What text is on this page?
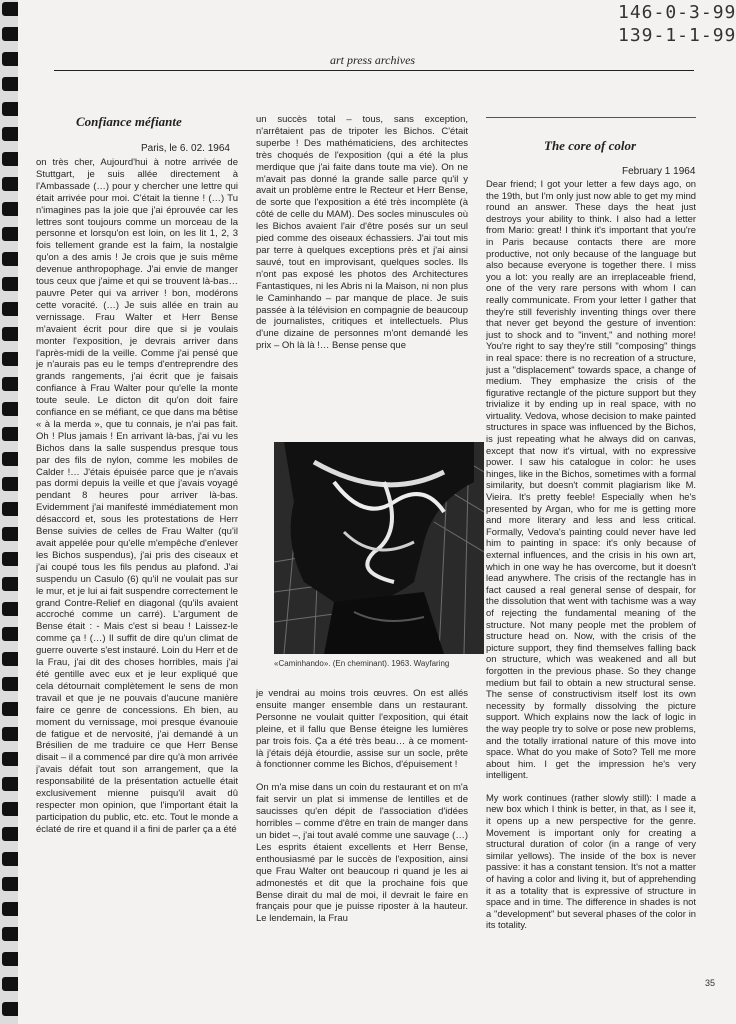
146-0-3-99
139-1-1-99
art press archives
Confiance méfiante
Paris, le 6. 02. 1964

on très cher, Aujourd'hui à notre arrivée de Stuttgart, je suis allée directement à l'Ambassade (…) pour y chercher une lettre qui était arrivée pour moi. C'était la tienne ! (…) Tu n'imagines pas la joie que j'ai éprouvée car les lettres sont toujours comme un morceau de la personne et lorsqu'on est loin, on les lit 1, 2, 3 fois tellement grande est la faim, la nostalgie qu'on a des amis ! Je crois que je suis même devenue anthropophage. J'ai envie de manger tous ceux que j'aime et qui se trouvent là-bas… pauvre Peter qui va arriver ! bon, modérons cette voracité. (…) Je suis allée en train au vernissage. Frau Walter et Herr Bense m'avaient écrit pour dire que si je voulais monter l'exposition, je devrais arriver dans l'après-midi de la veille. Comme j'ai pensé que je n'aurais pas eu le temps d'entreprendre des grands rangements, j'ai écrit que je faisais confiance à Frau Walter pour qu'elle la monte toute seule. Le dicton dit qu'on doit faire confiance en se méfiant, ce que dans ma bêtise « à la merda », que tu connais, je n'ai pas fait. Oh ! Plus jamais ! En arrivant là-bas, j'ai vu les Bichos dans la salle suspendus presque tous par des fils de nylon, comme les mobiles de Calder !… J'étais épuisée parce que je n'avais pas dormi depuis la veille et que j'avais voyagé pendant 8 heures pour arriver là-bas. Evidemment j'ai manifesté immédiatement mon désaccord et, sous les protestations de Herr Bense suivies de celles de Frau Walter (qu'il avait appelée pour qu'elle m'empêche d'enlever les Bichos suspendus), j'ai pris des ciseaux et j'ai coupé tous les fils pendus au plafond. J'ai suspendu un Casulo (6) qu'il ne voulait pas sur le mur, et je lui ai fait suspendre correctement le grand Contre-Relief en diagonal (qu'ils avaient accroché comme un carré). L'argument de Bense était : - Mais c'est si beau ! Laissez-le comme ça ! (…) Il suffit de dire qu'un climat de guerre ouverte s'est instauré. Loin du Herr et de la Frau, j'ai dit des choses horribles, mais j'ai été gentille avec eux et je leur expliqué que cela détournait complètement le sens de mon travail et que je ne pouvais d'aucune manière faire ce genre de concessions. Eh bien, au moment du vernissage, moi presque évanouie de fatigue et de nervosité, j'ai demandé à un Brésilien de me traduire ce que Herr Bense disait – il a commencé par dire qu'à mon arrivée j'avais défait tout son arrangement, que la responsabilité de la présentation actuelle était exclusivement mienne puisqu'il avait dû respecter mon opinion, que l'important était la participation du public, etc. etc. Tout le monde a éclaté de rire et quand il a fini de parler ça a été

un succès total – tous, sans exception, n'arrêtaient pas de tripoter les Bichos. C'était superbe ! Des mathématiciens, des architectes très choqués de l'exposition (qui a été la plus merdique que j'ai faite dans toute ma vie). On ne m'avait pas donné la grande salle parce qu'il y avait un problème entre le Recteur et Herr Bense, de sorte que l'exposition a été très incomplète (à côté de celle du MAM). Des socles minuscules où les Bichos avaient l'air d'être posés sur un seul pied comme des oiseaux échassiers. J'ai tout mis par terre à quelques exceptions près et j'ai ainsi sauvé, tout en improvisant, quelques socles. Ils n'ont pas exposé les photos des Architectures Fantastiques, ni les Abris ni la Maison, ni non plus le Caminhando – par manque de place. Je suis passée à la télévision en compagnie de beaucoup de journalistes, critiques et intellectuels. Plus d'une dizaine de personnes m'ont demandé les prix – Oh là là !… Bense pense que

«Caminhando». (En cheminant). 1963. Wayfaring

je vendrai au moins trois œuvres. On est allés ensuite manger ensemble dans un restaurant. Personne ne voulait quitter l'exposition, qui était pleine, et il fallu que Bense éteigne les lumières par trois fois. Ça a été très beau… à ce moment-là j'étais déjà étourdie, assise sur un socle, prête à fonctionner comme les Bichos, d'épuisement !

On m'a mise dans un coin du restaurant et on m'a fait servir un plat si immense de lentilles et de saucisses qu'en dépit de l'association d'idées horribles – comme d'être en train de manger dans un bidet –, j'ai tout avalé comme une sauvage (…) Les esprits étaient excellents et Herr Bense, enthousiasmé par le succès de l'exposition, ainsi que Frau Walter ont beaucoup ri quand je les ai admonestés et dit que la prochaine fois que Bense dirait du mal de moi, il devrait le faire en français pour que je puisse riposter à la hauteur. Le lendemain, la Frau

The core of color
February 1 1964

Dear friend; I got your letter a few days ago, on the 19th, but I'm only just now able to get my mind round an answer. These days the heat just destroys your ability to think. I also had a letter from Mario: great! I think it's important that you're in Paris because contacts there are more productive, not only because of the language but also because everyone is together there. I miss you a lot: you really are an irreplaceable friend, one of the very rare persons with whom I can really communicate. From your letter I gather that they're still feverishly inventing things over there that never get beyond the gesture of invention: just to shock and to "invent," and nothing more! You're right to say they're still "composing" things in real space: there is no recreation of a structure, just a "displacement" towards space, a change of medium. They emphasize the crisis of the figurative rectangle of the picture support but they trivialize it by ending up in real space, with no virtuality. Vedova, whose decision to make painted structures in space was influenced by the Bichos, is just repeating what he always did on canvas, except that now it's virtual, with no expressive power. I saw his catalogue in color: he uses hinges, like in the Bichos, sometimes with a formal similarity, but doesn't commit plagiarism like M. Vieira. It's pretty feeble! Especially when he's presented by Argan, who for me is getting more and more literary and less and less critical. Formally, Vedova's painting could never have led him to painting in space: it's only because of external influences, and the crisis in his own art, which in one way he has overcome, but it doesn't lead anywhere. The crisis of the rectangle has in fact caused a real general sense of despair, for the dissolution that went with tachisme was a way of rejecting the fundamental meaning of the structure. Not many people met the problem of structure head on. Now, with the crisis of the picture support, they find themselves falling back on structure, which was weakened and all but forgotten in the previous phase. So they change medium but fail to obtain a new structural sense. The sense of constructivism itself lost its own necessity by formally dissolving the picture support. Which explains now the lack of logic in the way people try to solve or pose new problems, and the totally irrational nature of this move into space. What do you make of Soto? Tell me more about him. I get the impression he's very intelligent.

My work continues (rather slowly still): I made a new box which I think is better, in that, as I see it, it opens up a new perspective for the genre. Movement is important only for creating a structural duration of color (in a range of very similar yellows). The inside of the box is never passive: it has a constant tension. It's not a matter of having a color and living it, but of apprehending it as a totality that is expressive of structure in space and in time. The difference in shades is not a "development" but several phases of the color in its totality.

35
